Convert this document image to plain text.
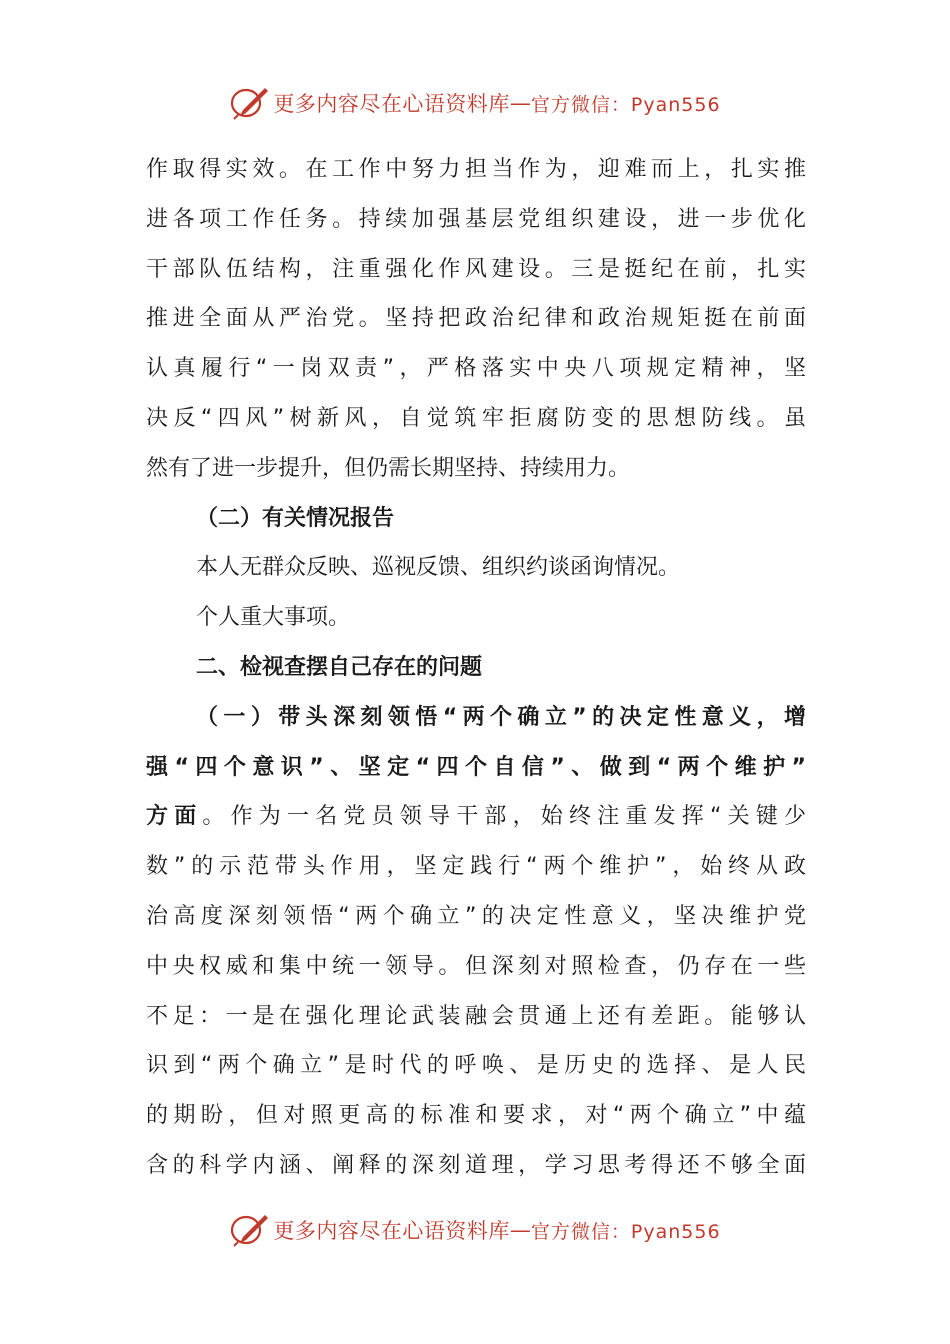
更多内容尽在心语资料库 — 官方微信：Pyan556
作取得实效。在工作中努力担当作为，迎难而上，扎实推
进各项工作任务。持续加强基层党组织建设，进一步优化
干部队伍结构，注重强化作风建设。三是挺纪在前，扎实
推进全面从严治党。坚持把政治纪律和政治规矩挺在前面
认真履行“一岗双责”，严格落实中央八项规定精神，坚
决反“四风”树新风，自觉筑牢拒腐防变的思想防线。虽
然有了进一步提升，但仍需长期坚持、持续用力。
（二）有关情况报告
本人无群众反映、巡视反馈、组织约谈函询情况。
个人重大事项。
二、检视查摆自己存在的问题
（一）带头深刻领悟“两个确立”的决定性意义，增
强“四个意识”、坚定“四个自信”、做到“两个维护”
方面。作为一名党员领导干部，始终注重发挥“关键少
数”的示范带头作用，坚定践行“两个维护”，始终从政
治高度深刻领悟“两个确立”的决定性意义，坚决维护党
中央权威和集中统一领导。但深刻对照检查，仍存在一些
不足：一是在强化理论武装融会贯通上还有差距。能够认
识到“两个确立”是时代的呼唤、是历史的选择、是人民
的期盼，但对照更高的标准和要求，对“两个确立”中蕴
含的科学内涵、阐释的深刻道理，学习思考得还不够全面
更多内容尽在心语资料库 — 官方微信：Pyan556
